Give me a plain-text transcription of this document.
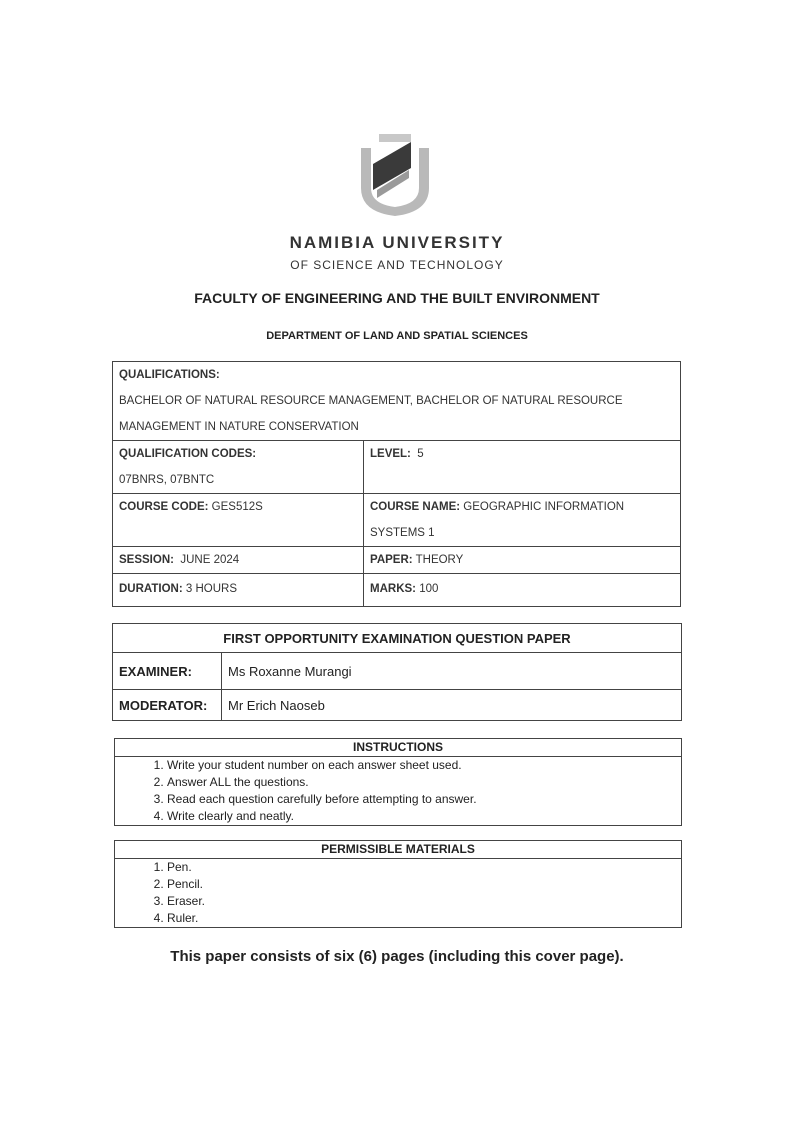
NAMIBIA UNIVERSITY
OF SCIENCE AND TECHNOLOGY
FACULTY OF ENGINEERING AND THE BUILT ENVIRONMENT
DEPARTMENT OF LAND AND SPATIAL SCIENCES
QUALIFICATIONS:
BACHELOR OF NATURAL RESOURCE MANAGEMENT, BACHELOR OF NATURAL RESOURCE
MANAGEMENT IN NATURE CONSERVATION	

QUALIFICATION CODES:
07BNRS, 07BNTC	LEVEL: 5

COURSE CODE: GES512S	COURSE NAME: GEOGRAPHIC INFORMATION
SYSTEMS 1

SESSION: JUNE 2024	PAPER: THEORY

DURATION: 3 HOURS	MARKS: 100
FIRST OPPORTUNITY EXAMINATION QUESTION PAPER	
EXAMINER:	Ms Roxanne Murangi
MODERATOR:	Mr Erich Naoseb
INSTRUCTIONS

1. Write your student number on each answer sheet used.
2. Answer ALL the questions.
3. Read each question carefully before attempting to answer.
4. Write clearly and neatly.
PERMISSIBLE MATERIALS

1. Pen.
2. Pencil.
3. Eraser.
4. Ruler.
This paper consists of six (6) pages (including this cover page).
